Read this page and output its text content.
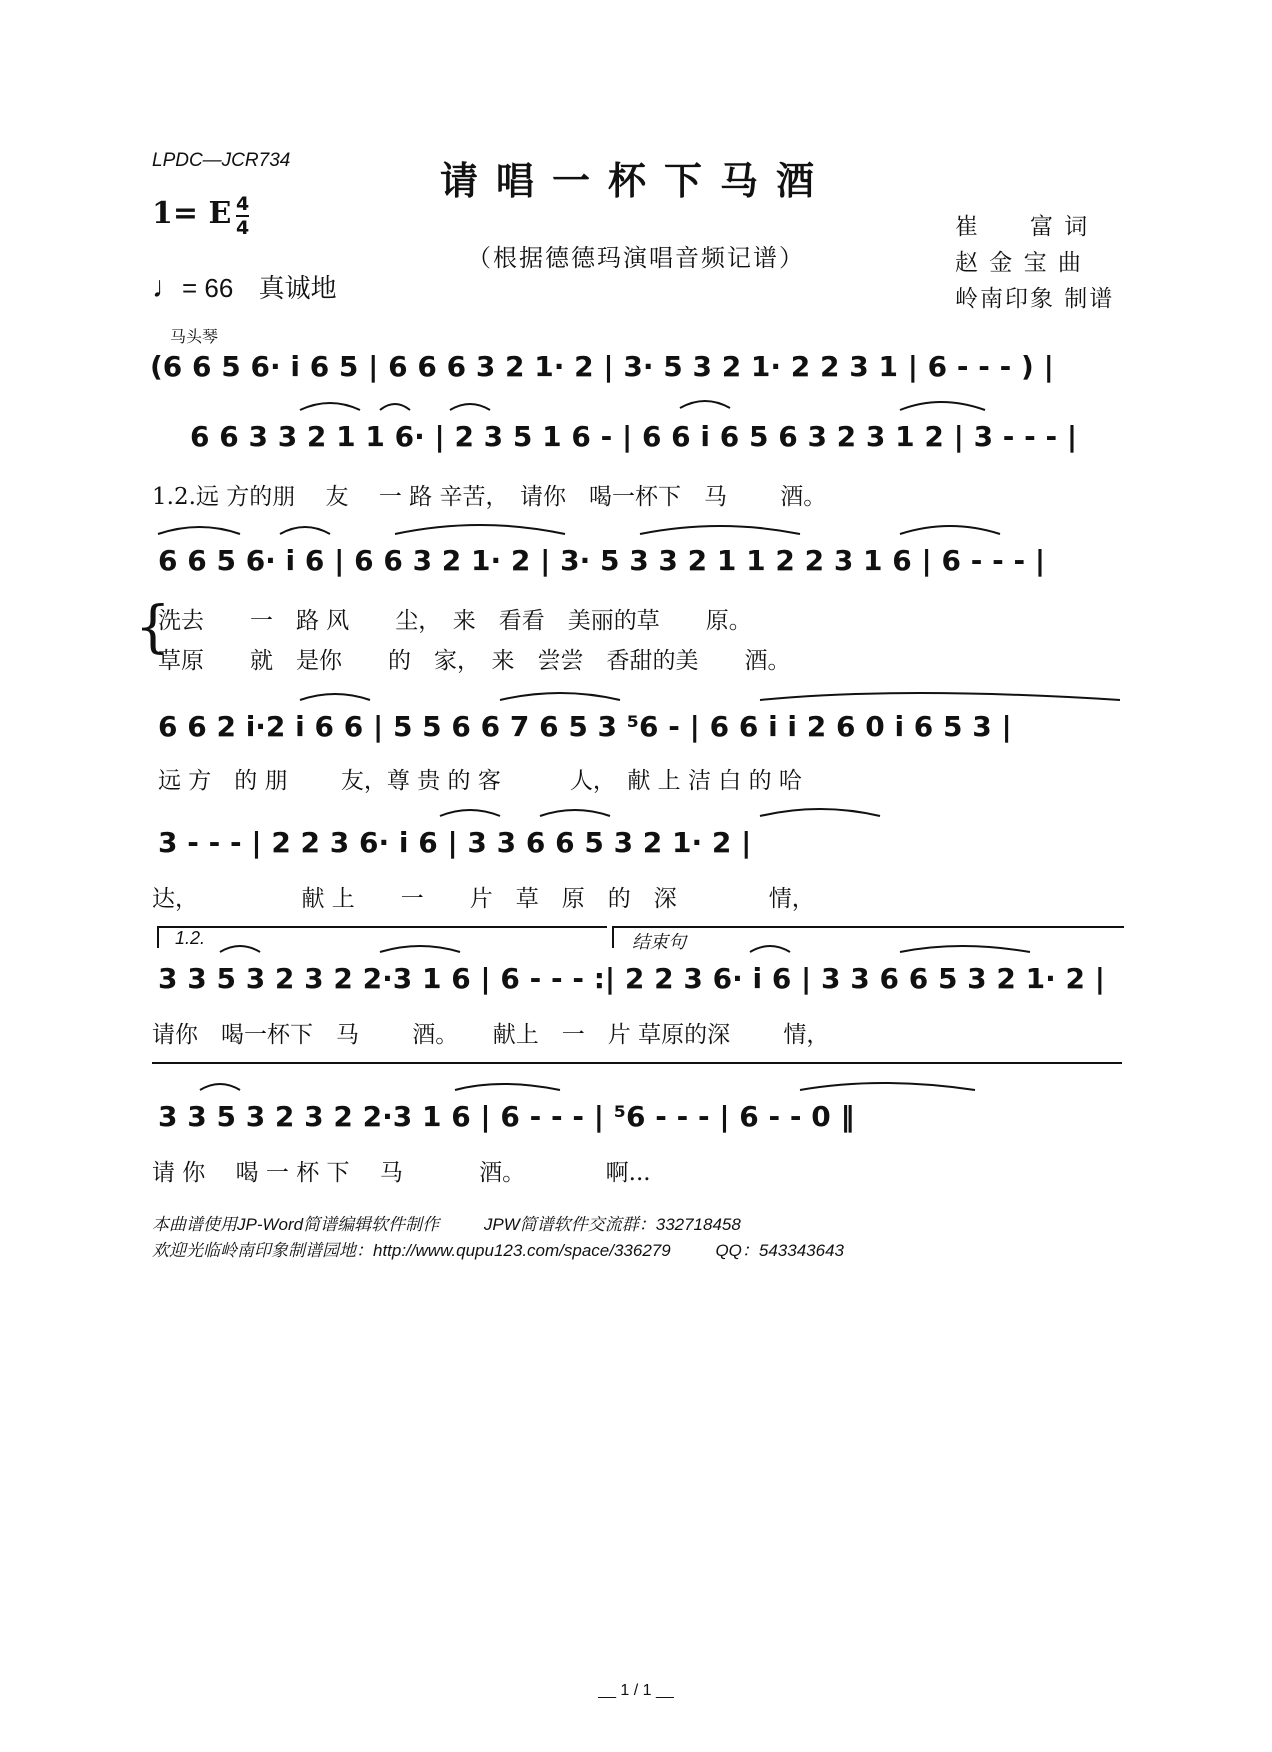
LPDC—JCR734	请唱一杯下马酒
（根据德德玛演唱音频记谱）
1= E 4
4
♩= 66 真诚地
崔　　富 词
赵 金 宝 曲
岭南印象 制谱
马头琴
(6 6 5 6· i 6 5 | 6 6 6 3 2 1· 2 | 3· 5 3 2 1· 2 2 3 1 | 6 - - - ) |
6 6 3 3 2 1 1 6· | 2 3 5 1 6 - | 6 6 i 6 5 6 3 2 3 1 2 | 3 - - - |
1.2.远 方的朋　 友　 一 路 辛苦，　请你　喝一杯下　马　　 酒。
6 6 5 6· i 6 | 6 6 3 2 1· 2 | 3· 5 3 3 2 1 1 2 2 3 1 6 | 6 - - - |
{
洗去　　一　路 风　　尘，　来　看看　美丽的草　　原。
草原　　就　是你　　的　家，　来　尝尝　香甜的美　　酒。
6 6 2 i·2 i 6 6 | 5 5 6 6 7 6 5 3 ⁵6 - | 6 6 i i 2 6 0 i 6 5 3 |
远 方　的 朋　　 友，尊 贵 的 客　　　人，　献 上 洁 白 的 哈
3 - - - | 2 2 3 6· i 6 | 3 3 6 6 5 3 2 1· 2 |
达，　　　　　献 上　　一　　片　草　原　的　深　　　　情，
1.2.	结束句
3 3 5 3 2 3 2 2·3 1 6 | 6 - - - :| 2 2 3 6· i 6 | 3 3 6 6 5 3 2 1· 2 |
请你　喝一杯下　马　　 酒。　　献上　一　片 草原的深　　 情，
3 3 5 3 2 3 2 2·3 1 6 | 6 - - - | ⁵6 - - - | 6 - - 0 ‖
请 你　 喝 一 杯 下　 马　　　 酒。　　　　啊...
本曲谱使用JP-Word简谱编辑软件制作	JPW简谱软件交流群：332718458
欢迎光临岭南印象制谱园地：http://www.qupu123.com/space/336279	QQ：543343643
__ 1 / 1 __
